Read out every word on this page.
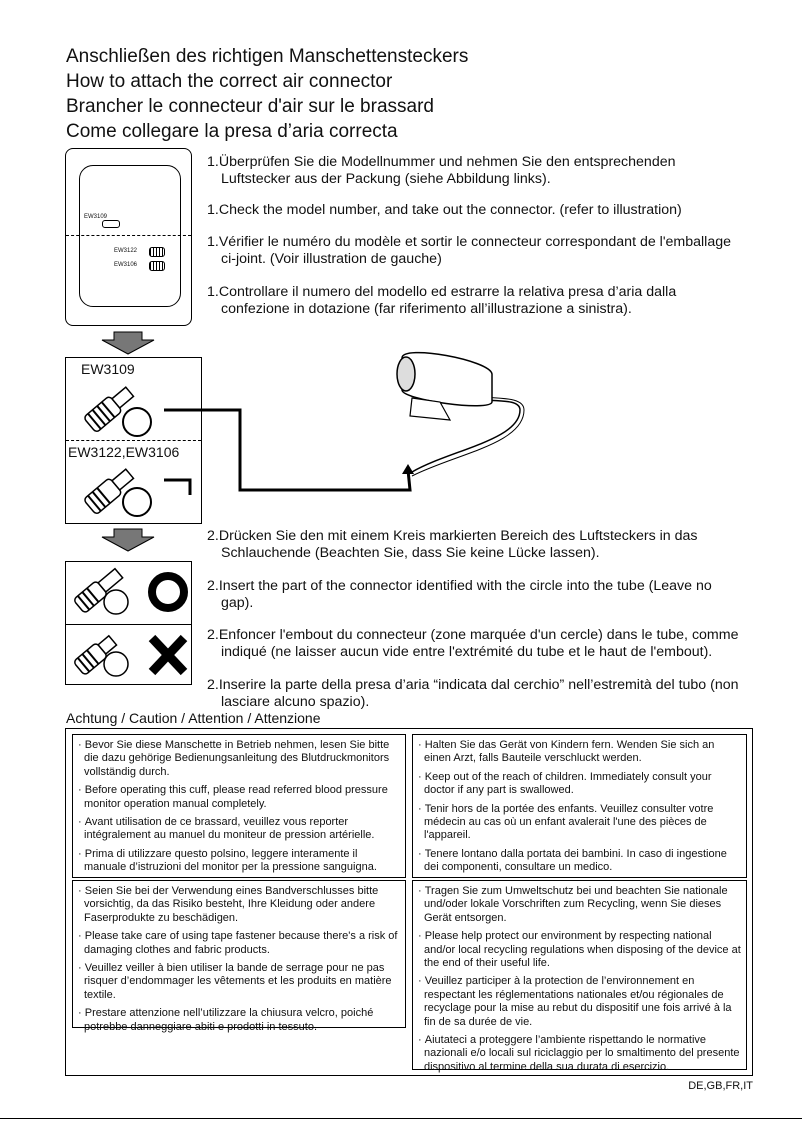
Anschließen des richtigen Manschettensteckers
How to attach the correct air connector
Brancher le connecteur d'air sur le brassard
Come collegare la presa d’aria correcta
EW3109
EW3122
EW3106

1.Überprüfen Sie die Modellnummer und nehmen Sie den entsprechenden
Luftstecker aus der Packung (siehe Abbildung links).

1.Check the model number, and take out the connector. (refer to illustration)

1.Vérifier le numéro du modèle et sortir le connecteur correspondant de l'emballage
ci-joint. (Voir illustration de gauche)

1.Controllare il numero del modello ed estrarre la relativa presa d’aria dalla
confezione in dotazione (far riferimento all’illustrazione a sinistra).

EW3109
EW3122,EW3106

2.Drücken Sie den mit einem Kreis markierten Bereich des Luftsteckers in das
Schlauchende (Beachten Sie, dass Sie keine Lücke lassen).

2.Insert the part of the connector identified with the circle into the tube (Leave no
gap).

2.Enfoncer l'embout du connecteur (zone marquée d'un cercle) dans le tube, comme
indiqué (ne laisser aucun vide entre l'extrémité du tube et le haut de l'embout).

2.Inserire la parte della presa d’aria “indicata dal cerchio” nell’estremità del tubo (non
lasciare alcuno spazio).

Achtung / Caution / Attention / Attenzione
· Bevor Sie diese Manschette in Betrieb nehmen, lesen Sie bitte die dazu gehörige Bedienungsanleitung des Blutdruckmonitors vollständig durch.
· Before operating this cuff, please read referred blood pressure monitor operation manual completely.
· Avant utilisation de ce brassard, veuillez vous reporter intégralement au manuel du moniteur de pression artérielle.
· Prima di utilizzare questo polsino, leggere interamente il manuale d’istruzioni del monitor per la pressione sanguigna.
· Halten Sie das Gerät von Kindern fern. Wenden Sie sich an einen Arzt, falls Bauteile verschluckt werden.
· Keep out of the reach of children. Immediately consult your doctor if any part is swallowed.
· Tenir hors de la portée des enfants. Veuillez consulter votre médecin au cas où un enfant avalerait l'une des pièces de l'appareil.
· Tenere lontano dalla portata dei bambini. In caso di ingestione dei componenti, consultare un medico.
· Seien Sie bei der Verwendung eines Bandverschlusses bitte vorsichtig, da das Risiko besteht, Ihre Kleidung oder andere Faserprodukte zu beschädigen.
· Please take care of using tape fastener because there's a risk of damaging clothes and fabric products.
· Veuillez veiller à bien utiliser la bande de serrage pour ne pas risquer d’endommager les vêtements et les produits en matière textile.
· Prestare attenzione nell’utilizzare la chiusura velcro, poiché potrebbe danneggiare abiti e prodotti in tessuto.
· Tragen Sie zum Umweltschutz bei und beachten Sie nationale und/oder lokale Vorschriften zum Recycling, wenn Sie dieses Gerät entsorgen.
· Please help protect our environment by respecting national and/or local recycling regulations when disposing of the device at the end of their useful life.
· Veuillez participer à la protection de l’environnement en respectant les réglementations nationales et/ou régionales de recyclage pour la mise au rebut du dispositif une fois arrivé à la fin de sa durée de vie.
· Aiutateci a proteggere l’ambiente rispettando le normative nazionali e/o locali sul riciclaggio per lo smaltimento del presente dispositivo al termine della sua durata di esercizio.
DE,GB,FR,IT
